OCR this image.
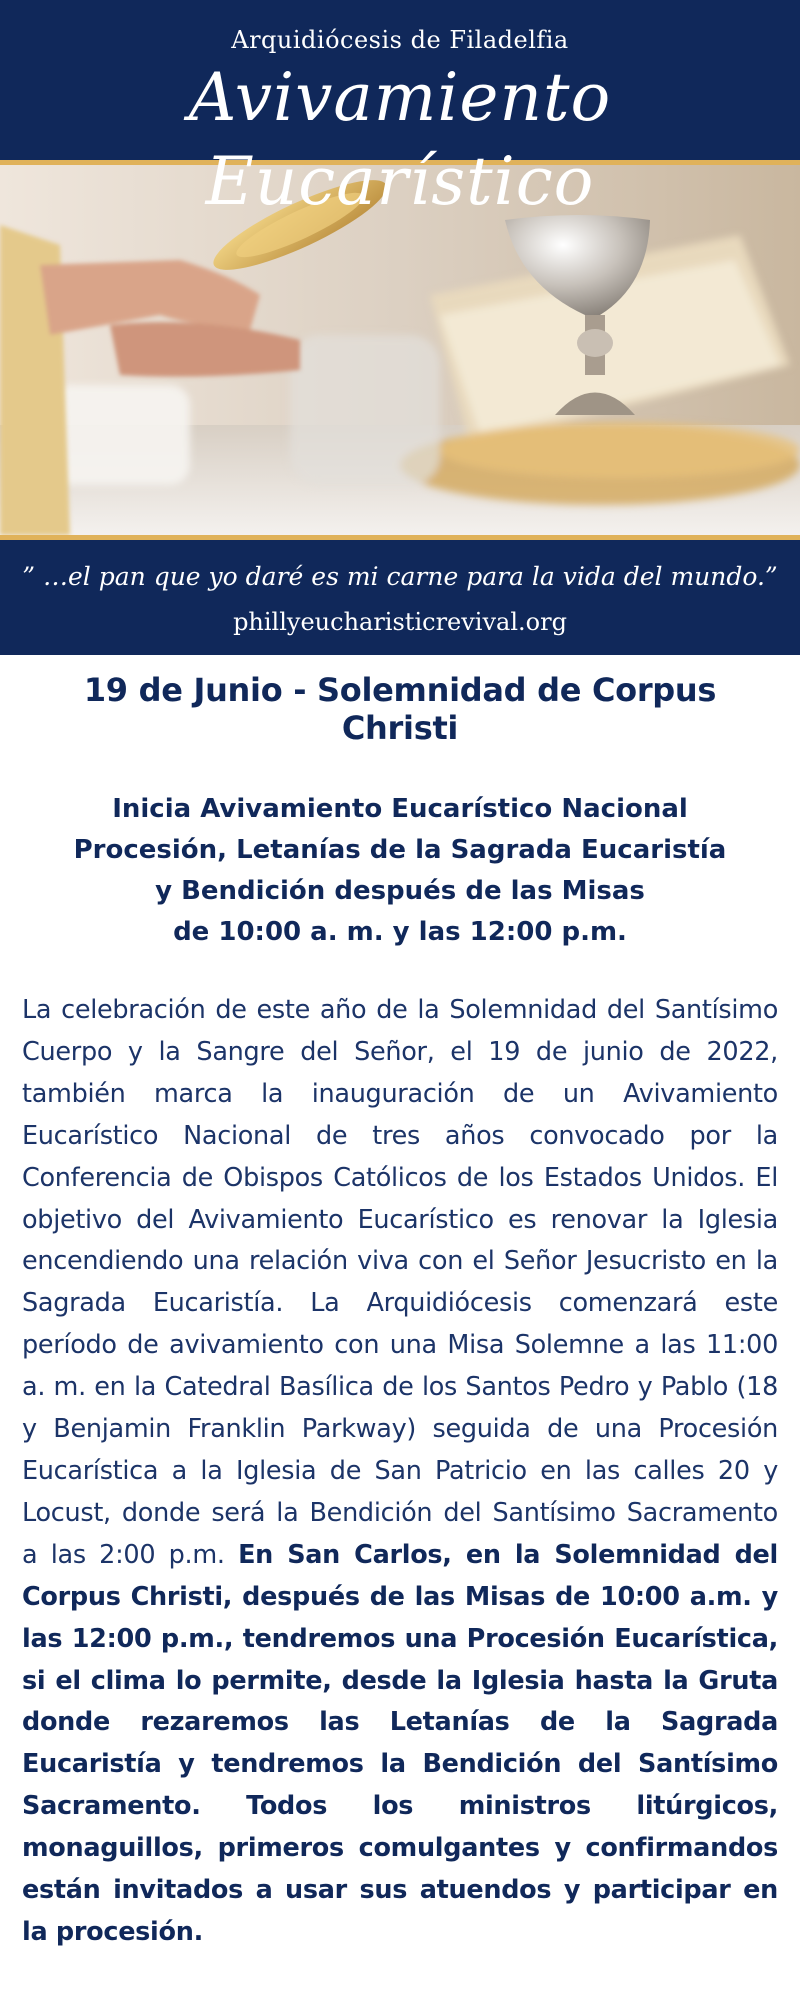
Arquidiócesis de Filadelfia
Avivamiento Eucarístico
” …el pan que yo daré es mi carne para la vida del mundo.”
phillyeucharisticrevival.org
19 de Junio - Solemnidad de Corpus Christi
Inicia Avivamiento Eucarístico Nacional
Procesión, Letanías de la Sagrada Eucaristía
y Bendición después de las Misas
de 10:00 a. m. y las 12:00 p.m.
La celebración de este año de la Solemnidad del Santísimo Cuerpo y la Sangre del Señor, el 19 de junio de 2022, también marca la inauguración de un Avivamiento Eucarístico Nacional de tres años convocado por la Conferencia de Obispos Católicos de los Estados Unidos. El objetivo del Avivamiento Eucarístico es renovar la Iglesia encendiendo una relación viva con el Señor Jesucristo en la Sagrada Eucaristía. La Arquidiócesis comenzará este período de avivamiento con una Misa Solemne a las 11:00 a. m. en la Catedral Basílica de los Santos Pedro y Pablo (18 y Benjamin Franklin Parkway) seguida de una Procesión Eucarística a la Iglesia de San Patricio en las calles 20 y Locust, donde será la Bendición del Santísimo Sacramento a las 2:00 p.m. En San Carlos, en la Solemnidad del Corpus Christi, después de las Misas de 10:00 a.m. y las 12:00 p.m., tendremos una Procesión Eucarística, si el clima lo permite, desde la Iglesia hasta la Gruta donde rezaremos las Letanías de la Sagrada Eucaristía y tendremos la Bendición del Santísimo Sacramento. Todos los ministros litúrgicos, monaguillos, primeros comulgantes y confirmandos están invitados a usar sus atuendos y participar en la procesión.
